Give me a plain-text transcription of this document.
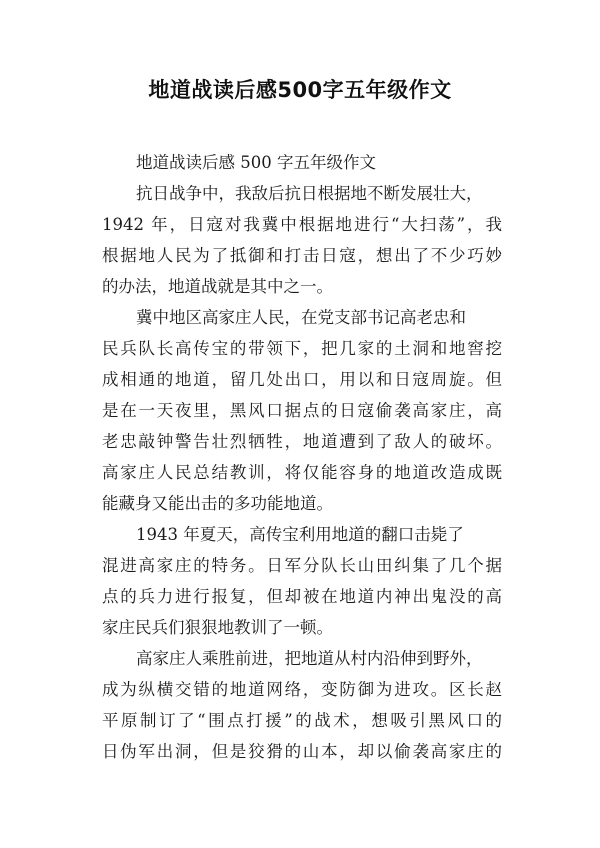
地道战读后感500字五年级作文
地道战读后感 500 字五年级作文
抗日战争中，我敌后抗日根据地不断发展壮大，
1942 年，日寇对我冀中根据地进行“大扫荡”，我
根据地人民为了抵御和打击日寇，想出了不少巧妙
的办法，地道战就是其中之一。
冀中地区高家庄人民，在党支部书记高老忠和
民兵队长高传宝的带领下，把几家的土洞和地窖挖
成相通的地道，留几处出口，用以和日寇周旋。但
是在一天夜里，黑风口据点的日寇偷袭高家庄，高
老忠敲钟警告壮烈牺牲，地道遭到了敌人的破坏。
高家庄人民总结教训，将仅能容身的地道改造成既
能藏身又能出击的多功能地道。
1943 年夏天，高传宝利用地道的翻口击毙了
混进高家庄的特务。日军分队长山田纠集了几个据
点的兵力进行报复，但却被在地道内神出鬼没的高
家庄民兵们狠狠地教训了一顿。
高家庄人乘胜前进，把地道从村内沿伸到野外，
成为纵横交错的地道网络，变防御为进攻。区长赵
平原制订了“围点打援”的战术，想吸引黑风口的
日伪军出洞，但是狡猾的山本，却以偷袭高家庄的
